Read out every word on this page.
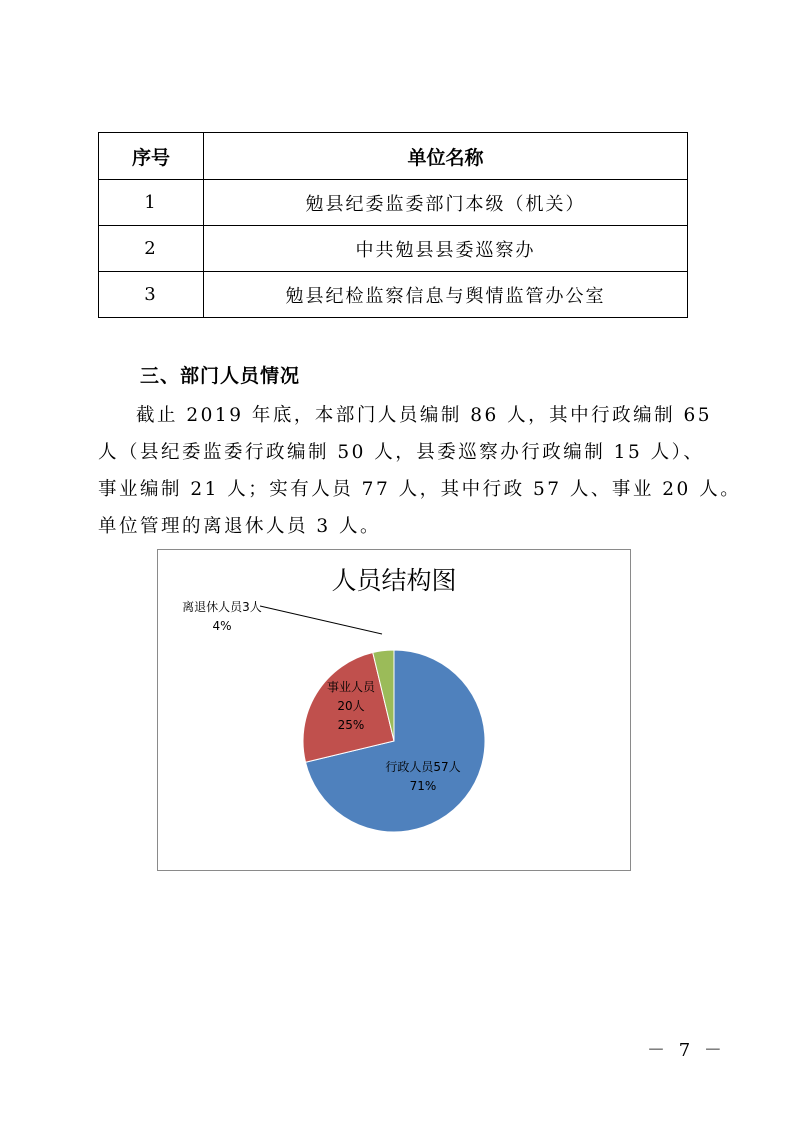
序号	单位名称
1	勉县纪委监委部门本级（机关）
2	中共勉县县委巡察办
3	勉县纪检监察信息与舆情监管办公室
三、部门人员情况
截止 2019 年底，本部门人员编制 86 人，其中行政编制 65
人（县纪委监委行政编制 50 人，县委巡察办行政编制 15 人）、
事业编制 21 人；实有人员 77 人，其中行政 57 人、事业 20 人。
单位管理的离退休人员 3 人。
人员结构图
离退休人员3人
4%
事业人员
20人
25%
行政人员57人
71%
－ 7 －
